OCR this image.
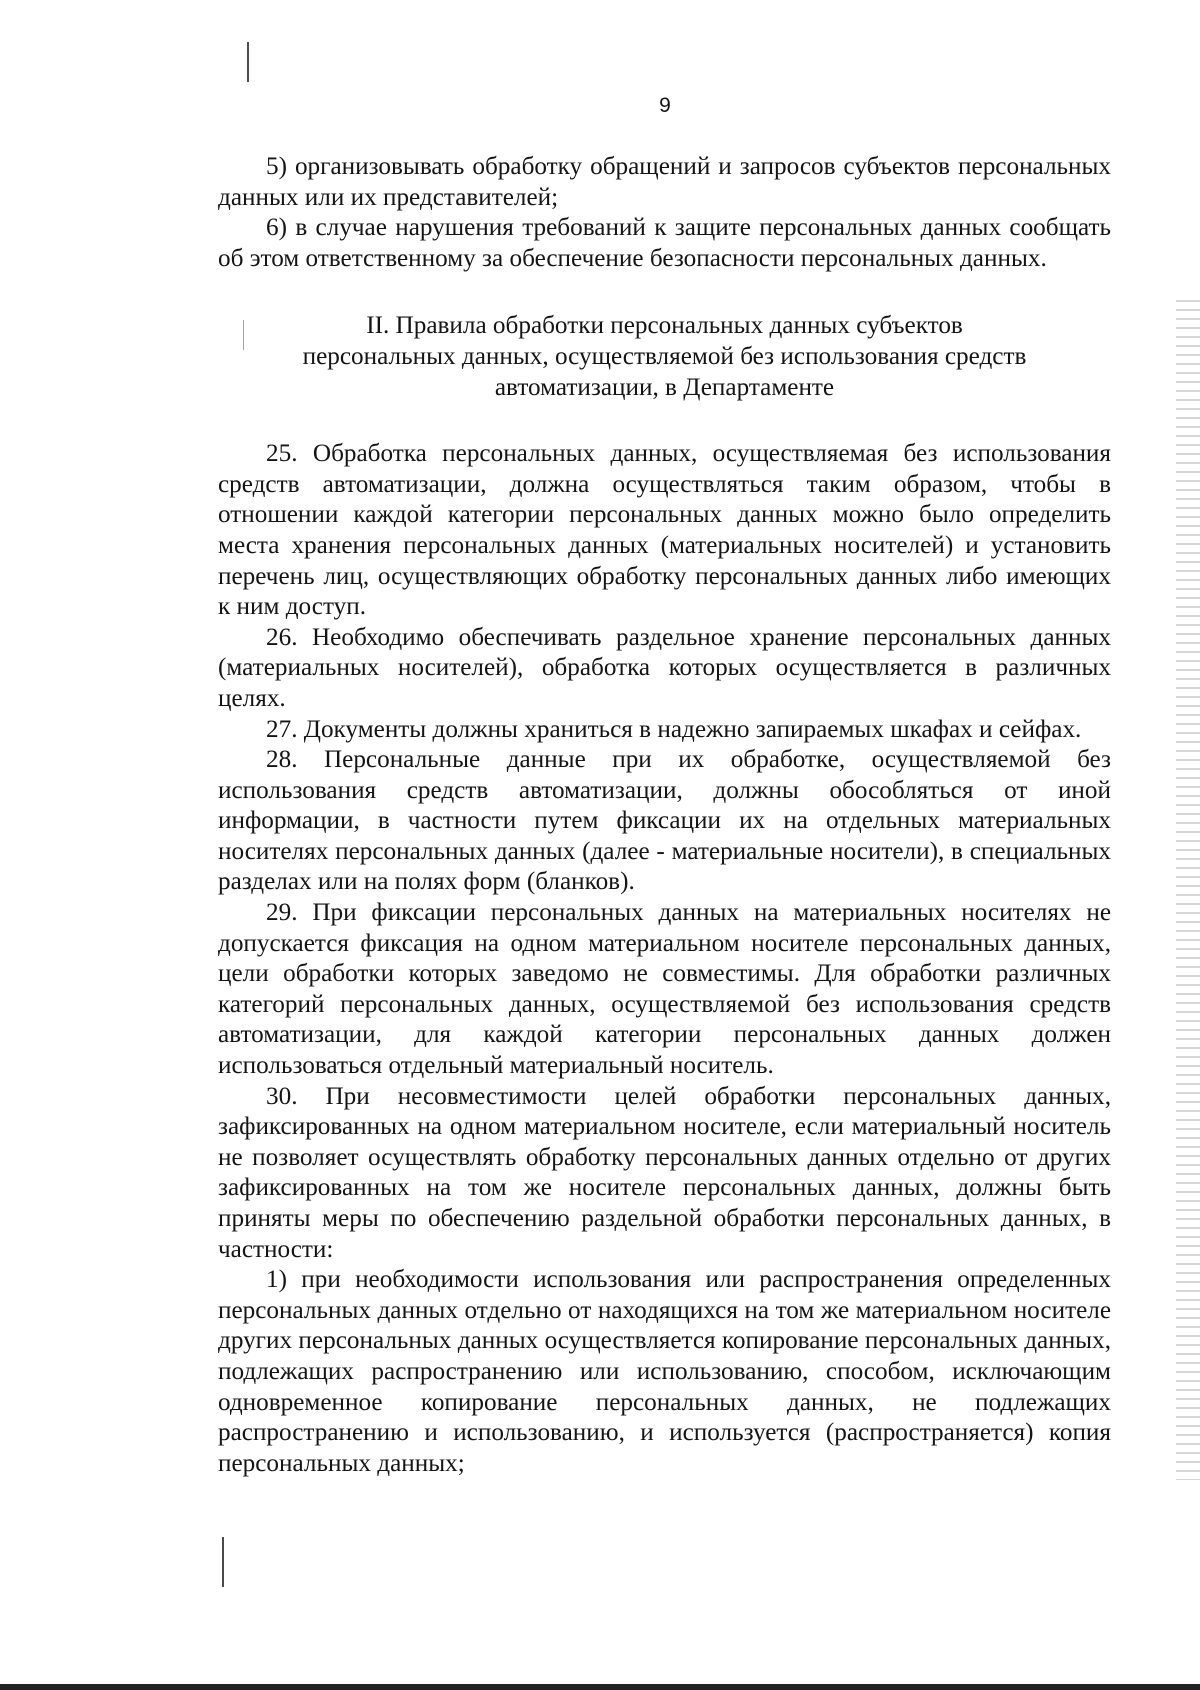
9

5) организовывать обработку обращений и запросов субъектов персональных данных или их представителей;

6) в случае нарушения требований к защите персональных данных сообщать об этом ответственному за обеспечение безопасности персональных данных.

II. Правила обработки персональных данных субъектов персональных данных, осуществляемой без использования средств автоматизации, в Департаменте

25. Обработка персональных данных, осуществляемая без использования средств автоматизации, должна осуществляться таким образом, чтобы в отношении каждой категории персональных данных можно было определить места хранения персональных данных (материальных носителей) и установить перечень лиц, осуществляющих обработку персональных данных либо имеющих к ним доступ.

26. Необходимо обеспечивать раздельное хранение персональных данных (материальных носителей), обработка которых осуществляется в различных целях.

27. Документы должны храниться в надежно запираемых шкафах и сейфах.

28. Персональные данные при их обработке, осуществляемой без использования средств автоматизации, должны обособляться от иной информации, в частности путем фиксации их на отдельных материальных носителях персональных данных (далее - материальные носители), в специальных разделах или на полях форм (бланков).

29. При фиксации персональных данных на материальных носителях не допускается фиксация на одном материальном носителе персональных данных, цели обработки которых заведомо не совместимы. Для обработки различных категорий персональных данных, осуществляемой без использования средств автоматизации, для каждой категории персональных данных должен использоваться отдельный материальный носитель.

30. При несовместимости целей обработки персональных данных, зафиксированных на одном материальном носителе, если материальный носитель не позволяет осуществлять обработку персональных данных отдельно от других зафиксированных на том же носителе персональных данных, должны быть приняты меры по обеспечению раздельной обработки персональных данных, в частности:

1) при необходимости использования или распространения определенных персональных данных отдельно от находящихся на том же материальном носителе других персональных данных осуществляется копирование персональных данных, подлежащих распространению или использованию, способом, исключающим одновременное копирование персональных данных, не подлежащих распространению и использованию, и используется (распространяется) копия персональных данных;
